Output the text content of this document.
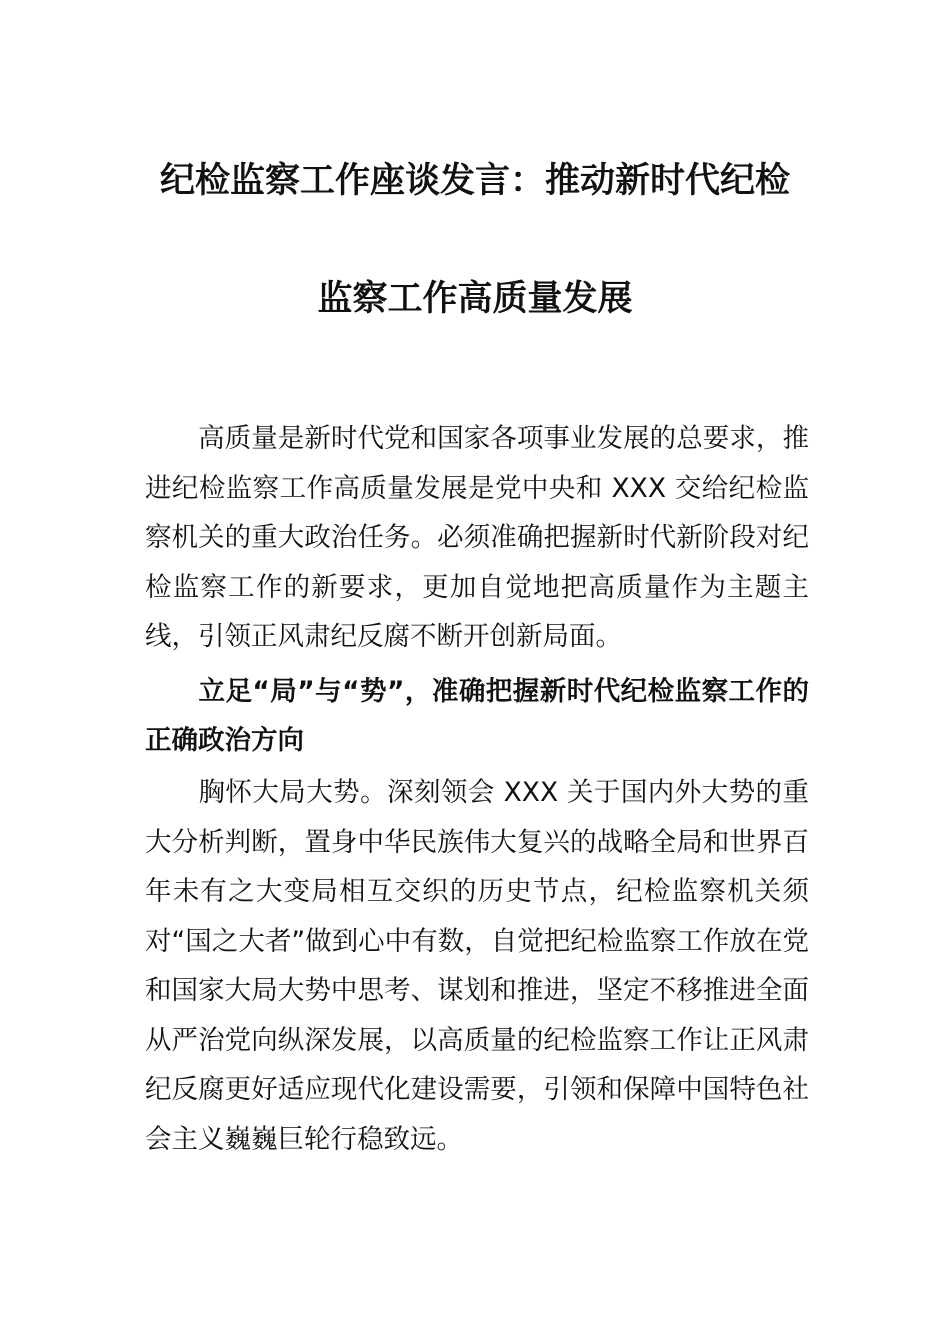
纪检监察工作座谈发言：推动新时代纪检
监察工作高质量发展
高质量是新时代党和国家各项事业发展的总要求，推进纪检监察工作高质量发展是党中央和 XXX 交给纪检监察机关的重大政治任务。必须准确把握新时代新阶段对纪检监察工作的新要求，更加自觉地把高质量作为主题主线，引领正风肃纪反腐不断开创新局面。
立足“局”与“势”，准确把握新时代纪检监察工作的正确政治方向
胸怀大局大势。深刻领会 XXX 关于国内外大势的重大分析判断，置身中华民族伟大复兴的战略全局和世界百年未有之大变局相互交织的历史节点，纪检监察机关须对“国之大者”做到心中有数，自觉把纪检监察工作放在党和国家大局大势中思考、谋划和推进，坚定不移推进全面从严治党向纵深发展，以高质量的纪检监察工作让正风肃纪反腐更好适应现代化建设需要，引领和保障中国特色社会主义巍巍巨轮行稳致远。
